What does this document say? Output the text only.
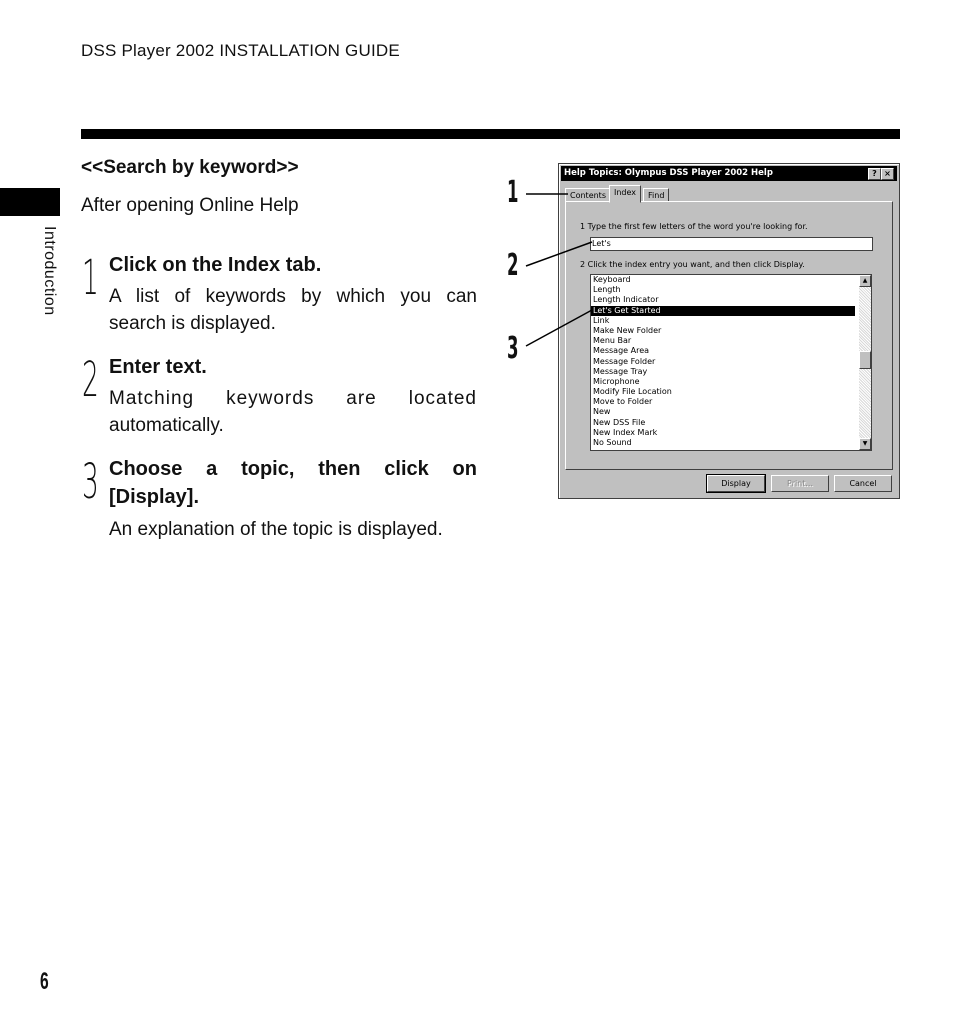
DSS Player 2002 INSTALLATION GUIDE
Introduction
<<Search by keyword>>
After opening Online Help
1 Click on the Index tab.
A list of keywords by which you can
search is displayed.
2 Enter text.
Matching keywords are located
automatically.
3 Choose a topic, then click on
[Display].
An explanation of the topic is displayed.
Help Topics: Olympus DSS Player 2002 Help	? ×
Contents	Index	Find
1 Type the first few letters of the word you're looking for.
Let's
2 Click the index entry you want, and then click Display.
Keyboard
Length
Length Indicator
Let's Get Started
Link
Make New Folder
Menu Bar
Message Area
Message Folder
Message Tray
Microphone
Modify File Location
Move to Folder
New
New DSS File
New Index Mark
No Sound
▲
▼
Display	Print...	Cancel
1
2
3
6
